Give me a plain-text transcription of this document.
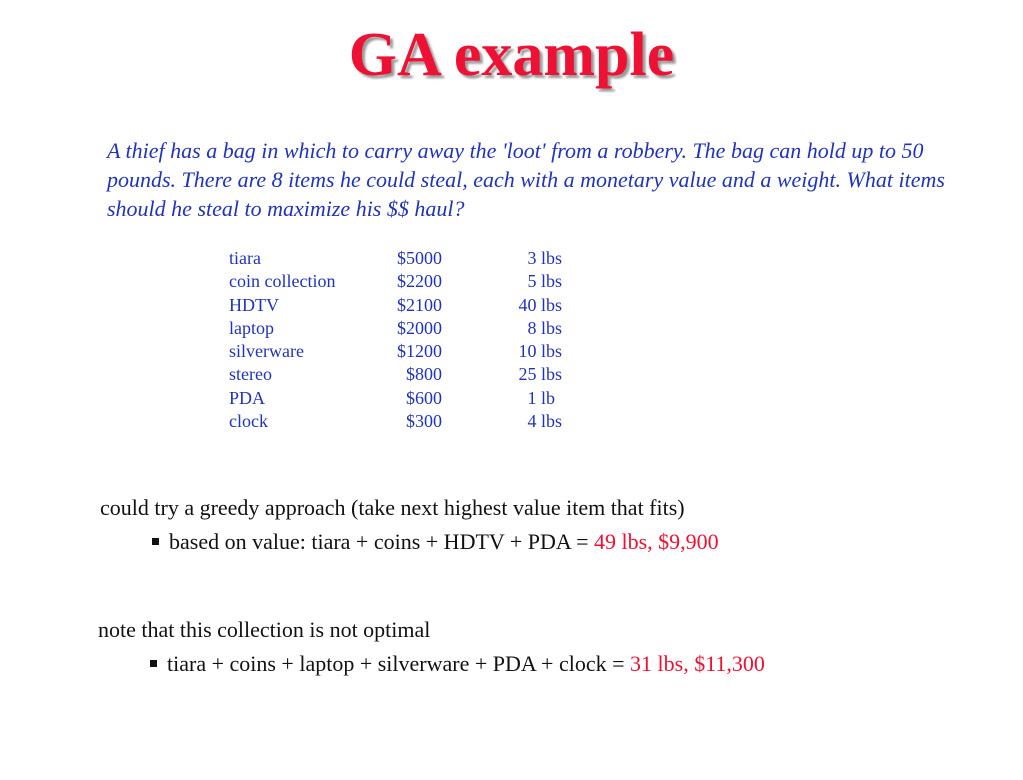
GA example
A thief has a bag in which to carry away the 'loot' from a robbery. The bag can hold up to 50 pounds. There are 8 items he could steal, each with a monetary value and a weight. What items should he steal to maximize his $$ haul?
tiara	$5000	3 lbs
coin collection	$2200	5 lbs
HDTV	$2100	40 lbs
laptop	$2000	8 lbs
silverware	$1200	10 lbs
stereo	$800	25 lbs
PDA	$600	1 lb
clock	$300	4 lbs
could try a greedy approach (take next highest value item that fits)
based on value: tiara + coins + HDTV + PDA = 49 lbs, $9,900
note that this collection is not optimal
tiara + coins + laptop + silverware + PDA + clock = 31 lbs, $11,300
